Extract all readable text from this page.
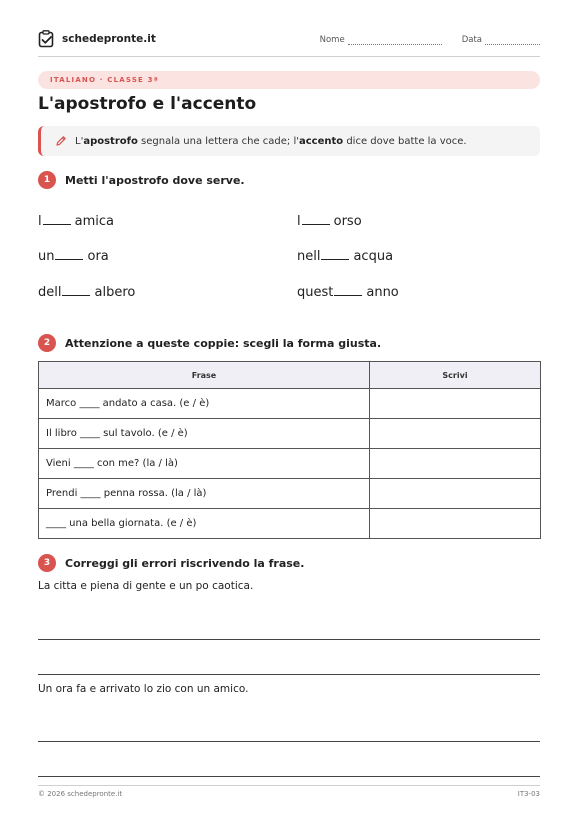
schedepronte.it	Nome	Data
ITALIANO · CLASSE 3ª
L'apostrofo e l'accento
L'apostrofo segnala una lettera che cade; l'accento dice dove batte la voce.
1	Metti l'apostrofo dove serve.
l	amica	l	orso
un	ora	nell	acqua
dell	albero	quest	anno
2	Attenzione a queste coppie: scegli la forma giusta.
Frase	Scrivi
Marco ____ andato a casa. (e / è)	
Il libro ____ sul tavolo. (e / è)	
Vieni ____ con me? (la / là)	
Prendi ____ penna rossa. (la / là)	
____ una bella giornata. (e / è)	
3	Correggi gli errori riscrivendo la frase.
La citta e piena di gente e un po caotica.
Un ora fa e arrivato lo zio con un amico.
© 2026 schedepronte.it	IT3-03
